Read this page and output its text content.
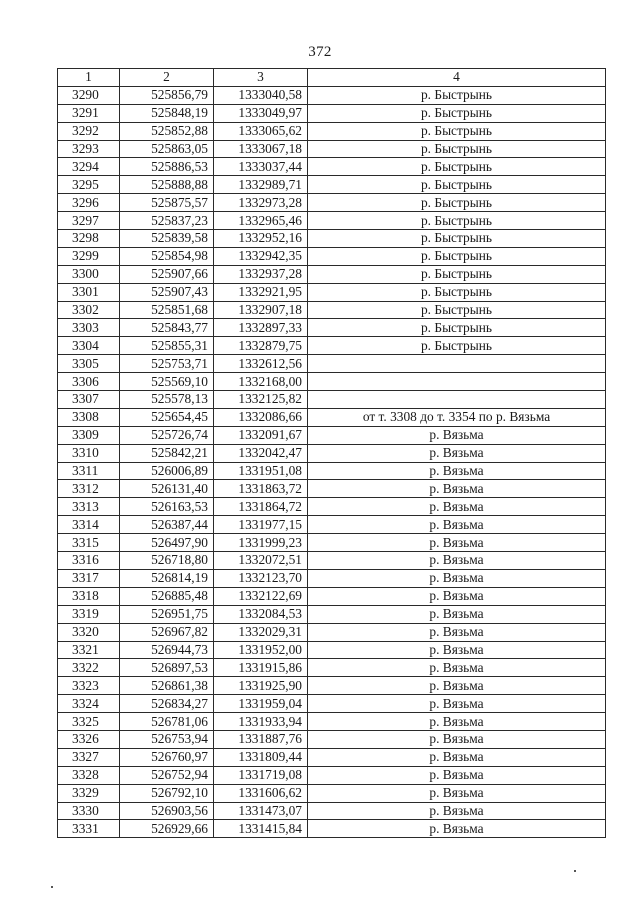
372
1	2	3	4
3290	525856,79	1333040,58	р. Быстрынь
3291	525848,19	1333049,97	р. Быстрынь
3292	525852,88	1333065,62	р. Быстрынь
3293	525863,05	1333067,18	р. Быстрынь
3294	525886,53	1333037,44	р. Быстрынь
3295	525888,88	1332989,71	р. Быстрынь
3296	525875,57	1332973,28	р. Быстрынь
3297	525837,23	1332965,46	р. Быстрынь
3298	525839,58	1332952,16	р. Быстрынь
3299	525854,98	1332942,35	р. Быстрынь
3300	525907,66	1332937,28	р. Быстрынь
3301	525907,43	1332921,95	р. Быстрынь
3302	525851,68	1332907,18	р. Быстрынь
3303	525843,77	1332897,33	р. Быстрынь
3304	525855,31	1332879,75	р. Быстрынь
3305	525753,71	1332612,56	
3306	525569,10	1332168,00	
3307	525578,13	1332125,82	
3308	525654,45	1332086,66	от т. 3308 до т. 3354 по р. Вязьма
3309	525726,74	1332091,67	р. Вязьма
3310	525842,21	1332042,47	р. Вязьма
3311	526006,89	1331951,08	р. Вязьма
3312	526131,40	1331863,72	р. Вязьма
3313	526163,53	1331864,72	р. Вязьма
3314	526387,44	1331977,15	р. Вязьма
3315	526497,90	1331999,23	р. Вязьма
3316	526718,80	1332072,51	р. Вязьма
3317	526814,19	1332123,70	р. Вязьма
3318	526885,48	1332122,69	р. Вязьма
3319	526951,75	1332084,53	р. Вязьма
3320	526967,82	1332029,31	р. Вязьма
3321	526944,73	1331952,00	р. Вязьма
3322	526897,53	1331915,86	р. Вязьма
3323	526861,38	1331925,90	р. Вязьма
3324	526834,27	1331959,04	р. Вязьма
3325	526781,06	1331933,94	р. Вязьма
3326	526753,94	1331887,76	р. Вязьма
3327	526760,97	1331809,44	р. Вязьма
3328	526752,94	1331719,08	р. Вязьма
3329	526792,10	1331606,62	р. Вязьма
3330	526903,56	1331473,07	р. Вязьма
3331	526929,66	1331415,84	р. Вязьма
